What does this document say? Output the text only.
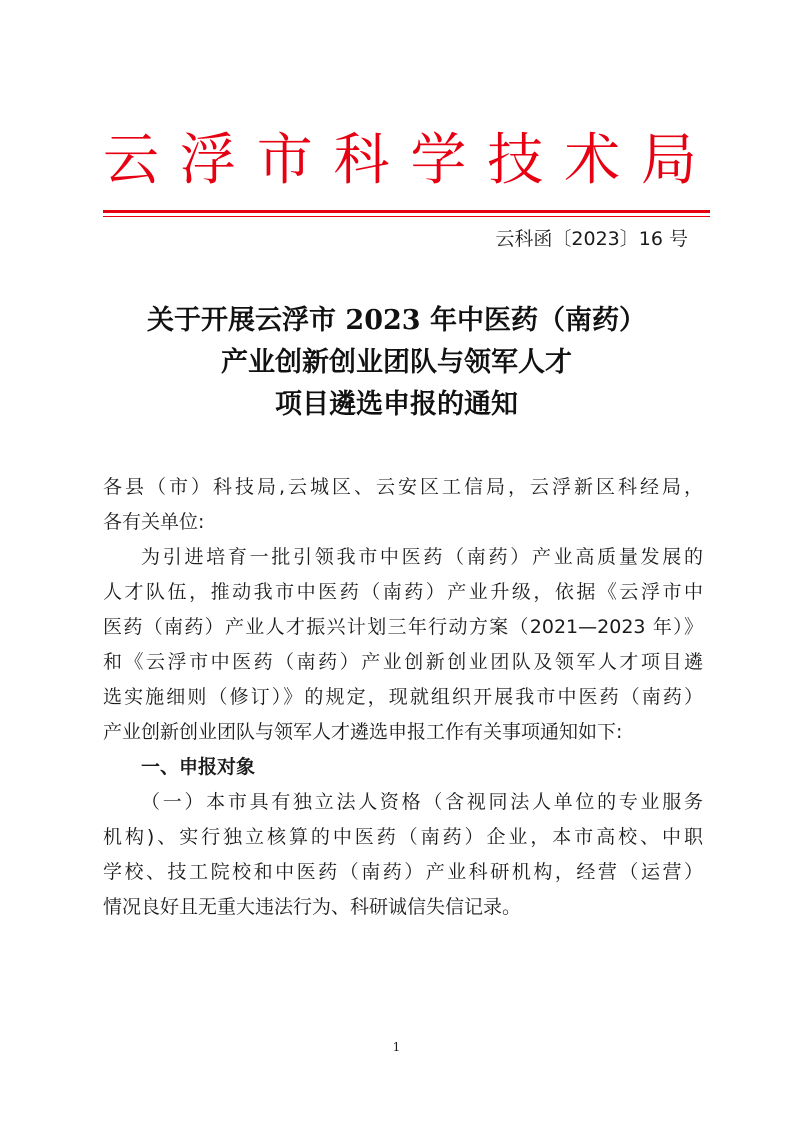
云 浮 市 科 学 技 术 局
云科函〔2023〕16 号
关于开展云浮市 2023 年中医药（南药）
产业创新创业团队与领军人才
项目遴选申报的通知
各县（市）科技局,云城区、云安区工信局，云浮新区科经局，
各有关单位:
为引进培育一批引领我市中医药（南药）产业高质量发展的
人才队伍，推动我市中医药（南药）产业升级，依据《云浮市中
医药（南药）产业人才振兴计划三年行动方案（2021—2023 年）》
和《云浮市中医药（南药）产业创新创业团队及领军人才项目遴
选实施细则（修订）》的规定，现就组织开展我市中医药（南药）
产业创新创业团队与领军人才遴选申报工作有关事项通知如下:
一、申报对象
（一）本市具有独立法人资格（含视同法人单位的专业服务
机构)、实行独立核算的中医药（南药）企业，本市高校、中职
学校、技工院校和中医药（南药）产业科研机构，经营（运营）
情况良好且无重大违法行为、科研诚信失信记录。
1
